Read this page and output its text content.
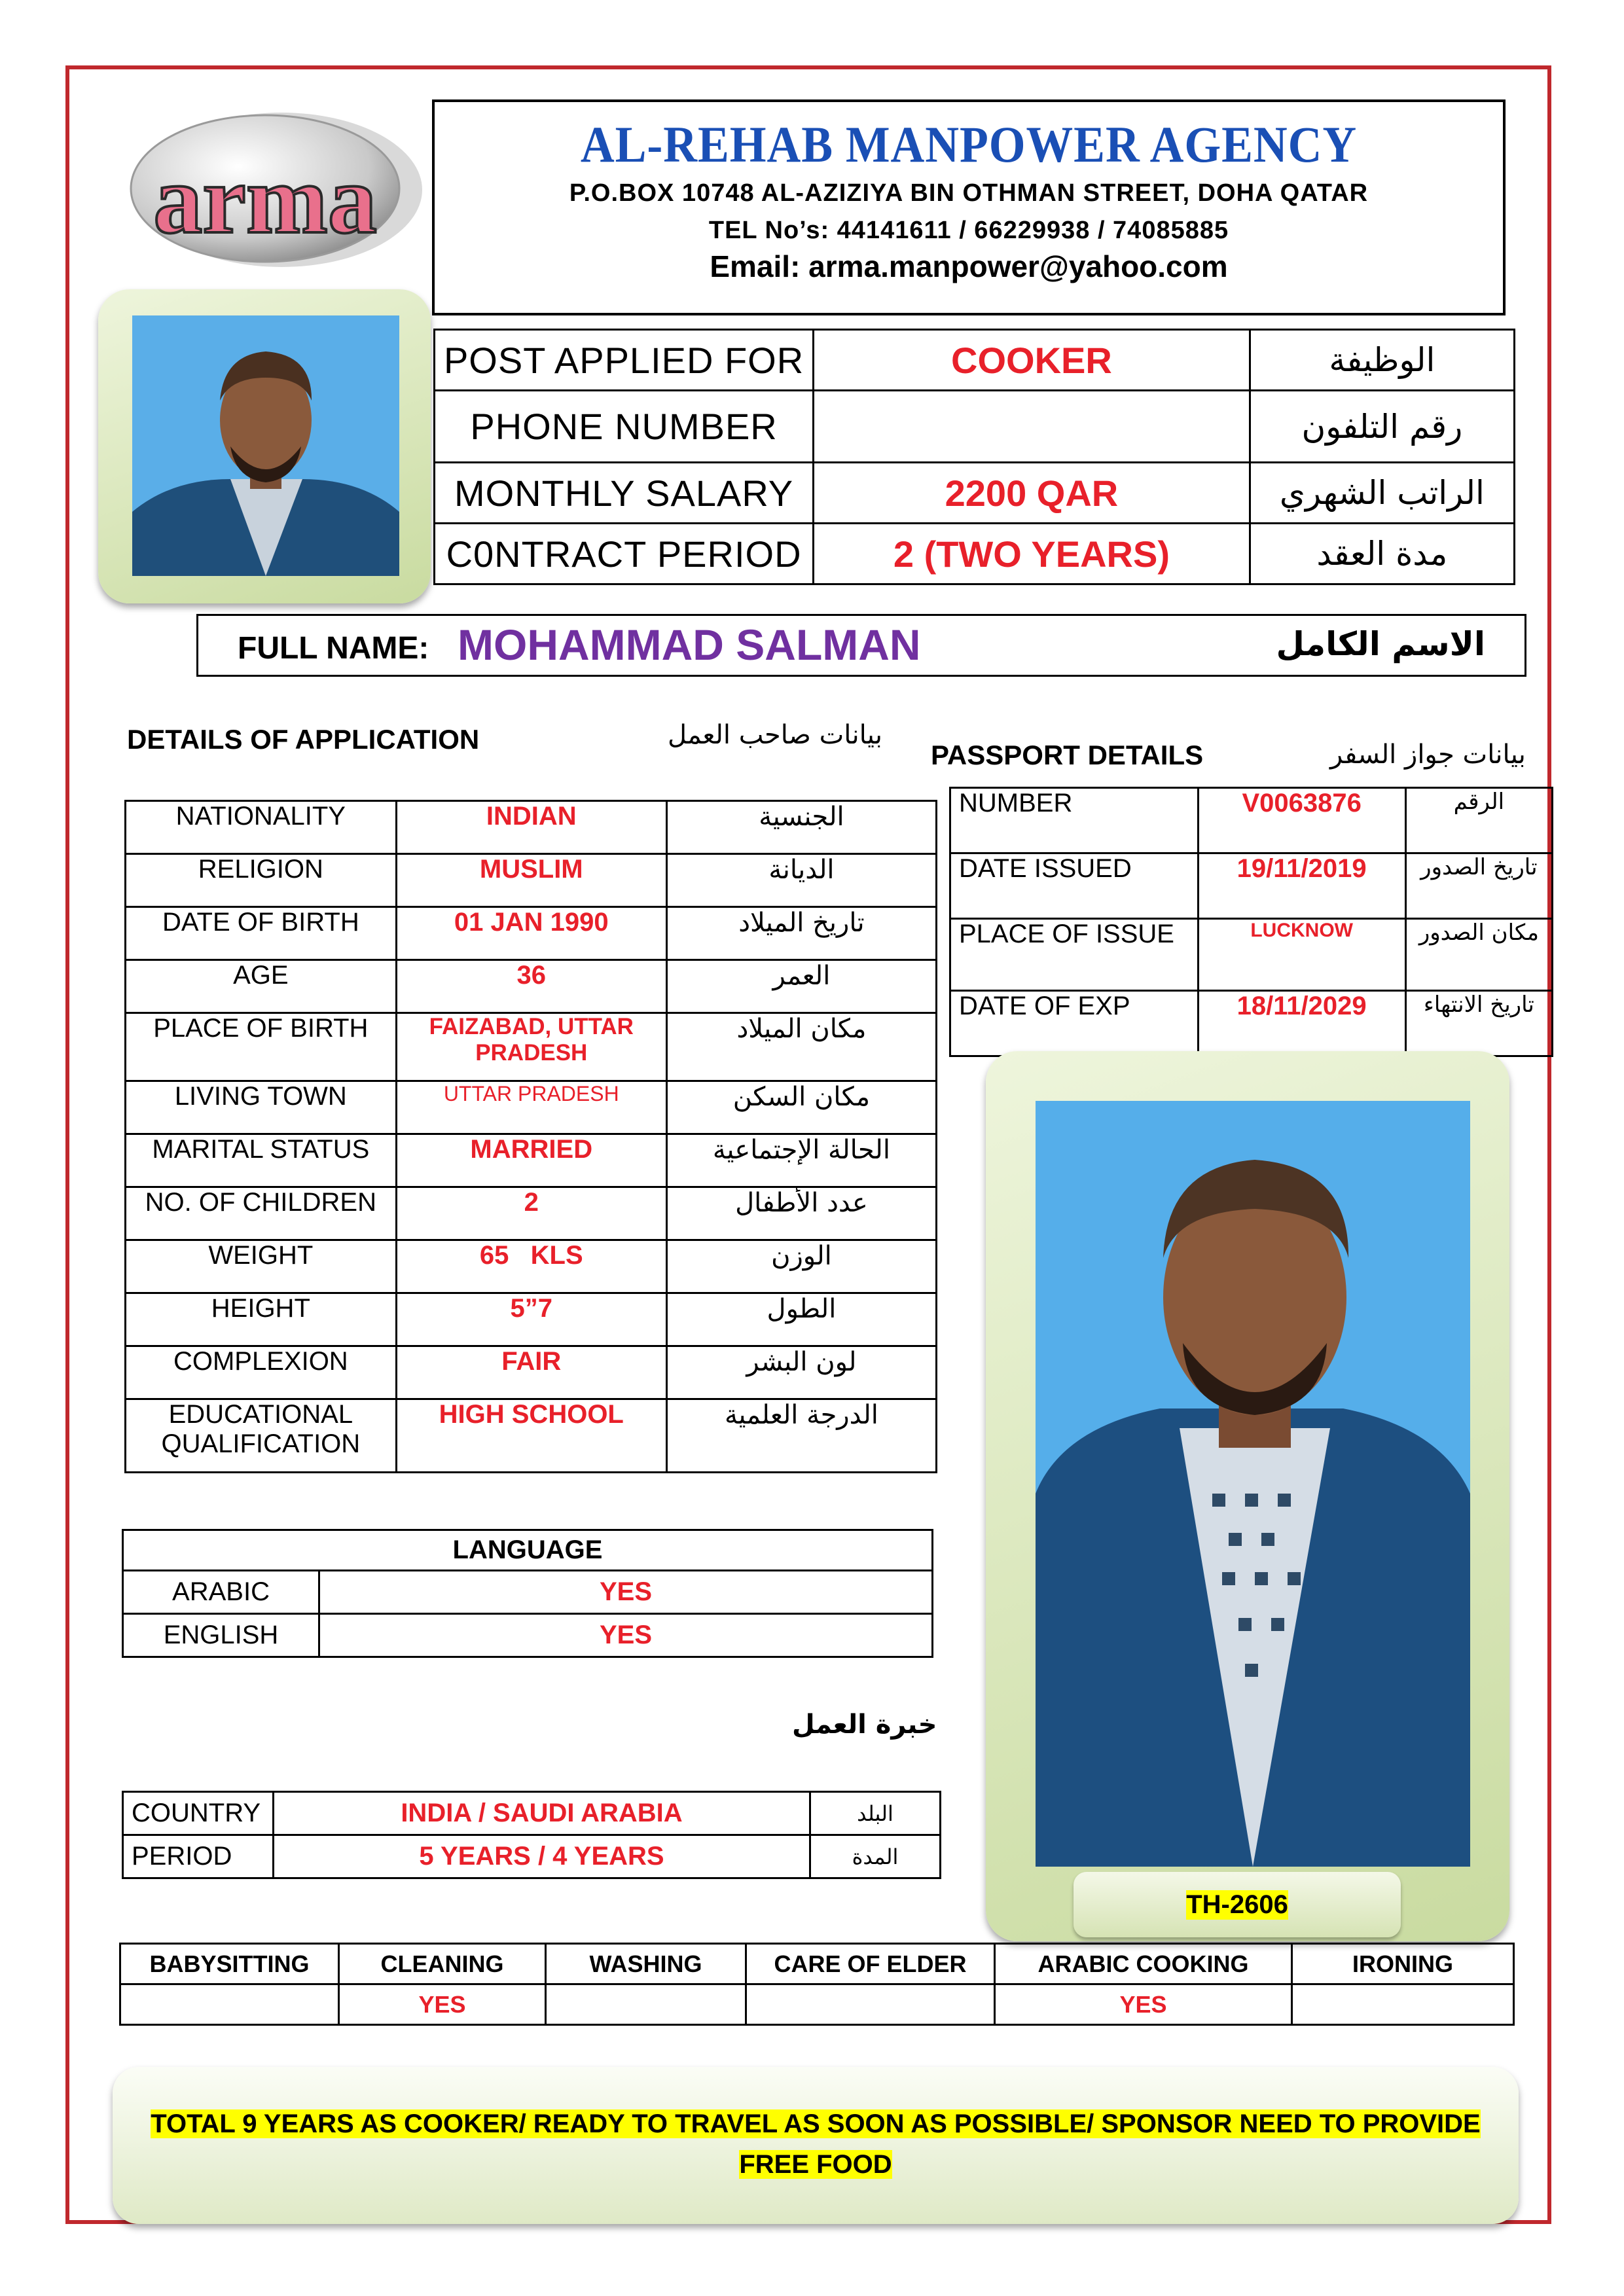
arma
AL-REHAB MANPOWER AGENCY
P.O.BOX 10748 AL-AZIZIYA BIN OTHMAN STREET, DOHA QATAR
TEL No’s: 44141611 / 66229938 / 74085885
Email: arma.manpower@yahoo.com
POST APPLIED FOR	COOKER	الوظيفة
PHONE NUMBER		رقم التلفون
MONTHLY SALARY	2200 QAR	الراتب الشهري
C0NTRACT PERIOD	2 (TWO YEARS)	مدة العقد
FULL NAME: MOHAMMAD SALMAN	الاسم الكامل
DETAILS OF APPLICATION	بيانات صاحب العمل
PASSPORT DETAILS	بيانات جواز السفر
NATIONALITY	INDIAN	الجنسية
RELIGION	MUSLIM	الديانة
DATE OF BIRTH	01 JAN 1990	تاريخ الميلاد
AGE	36	العمر
PLACE OF BIRTH	FAIZABAD, UTTAR PRADESH	مكان الميلاد
LIVING TOWN	UTTAR PRADESH	مكان السكن
MARITAL STATUS	MARRIED	الحالة الإجتماعية
NO. OF CHILDREN	2	عدد الأطفال
WEIGHT	65   KLS	الوزن
HEIGHT	5”7	الطول
COMPLEXION	FAIR	لون البشر
EDUCATIONAL QUALIFICATION	HIGH SCHOOL	الدرجة العلمية
NUMBER	V0063876	الرقم
DATE ISSUED	19/11/2019	تاريخ الصدور
PLACE OF ISSUE	LUCKNOW	مكان الصدور
DATE OF EXP	18/11/2029	تاريخ الانتهاء
TH-2606
LANGUAGE	
ARABIC	YES
ENGLISH	YES
خبرة العمل
COUNTRY	INDIA / SAUDI ARABIA	البلد
PERIOD	5 YEARS / 4 YEARS	المدة
BABYSITTING	CLEANING	WASHING	CARE OF ELDER	ARABIC COOKING	IRONING
	YES			YES	
TOTAL 9 YEARS AS COOKER/ READY TO TRAVEL AS SOON AS POSSIBLE/ SPONSOR NEED TO PROVIDE FREE FOOD
